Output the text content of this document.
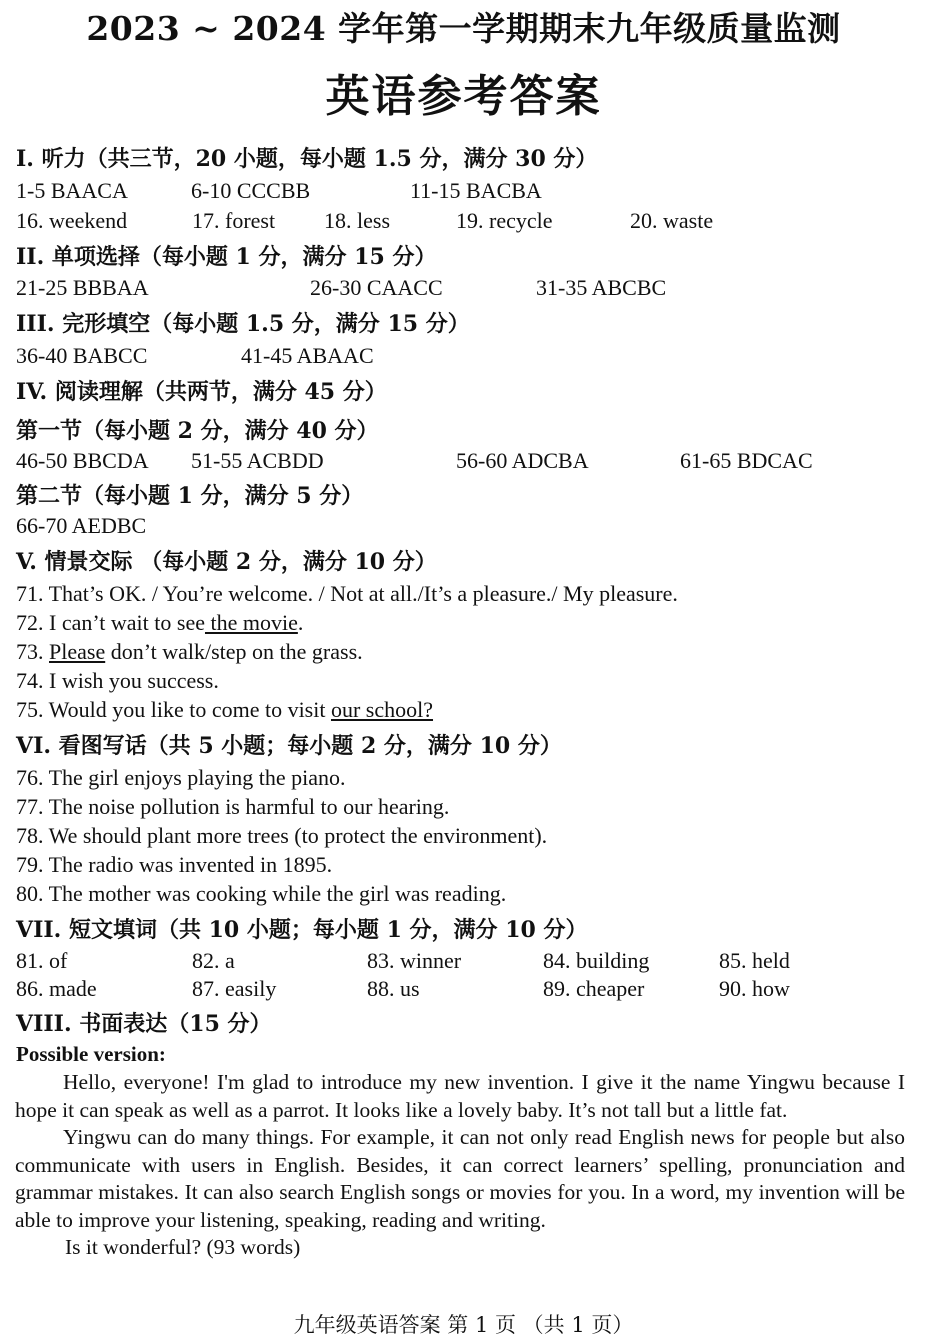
2023 ~ 2024 学年第一学期期末九年级质量监测
英语参考答案
I. 听力（共三节，20 小题，每小题 1.5 分，满分 30 分）
1-5 BAACA	6-10 CCCBB	11-15 BACBA
16. weekend	17. forest 18. less	19. recycle	20. waste
II. 单项选择（每小题 1 分，满分 15 分）
21-25 BBBAA	26-30 CAACC	31-35 ABCBC
III. 完形填空（每小题 1.5 分，满分 15 分）
36-40 BABCC	41-45 ABAAC
IV. 阅读理解（共两节，满分 45 分）
第一节（每小题 2 分，满分 40 分）
46-50 BBCDA 51-55 ACBDD	56-60 ADCBA	61-65 BDCAC
第二节（每小题 1 分，满分 5 分）
66-70 AEDBC
V. 情景交际 （每小题 2 分，满分 10 分）
71. That’s OK. / You’re welcome. / Not at all./It’s a pleasure./ My pleasure.
72. I can’t wait to see the movie.
73. Please don’t walk/step on the grass.
74. I wish you success.
75. Would you like to come to visit our school?
VI. 看图写话（共 5 小题；每小题 2 分，满分 10 分）
76. The girl enjoys playing the piano.
77. The noise pollution is harmful to our hearing.
78. We should plant more trees (to protect the environment).
79. The radio was invented in 1895.
80. The mother was cooking while the girl was reading.
VII. 短文填词（共 10 小题；每小题 1 分，满分 10 分）
81. of	82. a	83. winner	84. building	85. held
86. made	87. easily	88. us	89. cheaper	90. how
VIII. 书面表达（15 分）
Possible version:

Hello, everyone! I'm glad to introduce my new invention. I give it the name Yingwu because I hope it can speak as well as a parrot. It looks like a lovely baby. It’s not tall but a little fat.

Yingwu can do many things. For example, it can not only read English news for people but also communicate with users in English. Besides, it can correct learners’ spelling, pronunciation and grammar mistakes. It can also search English songs or movies for you. In a word, my invention will be able to improve your listening, speaking, reading and writing.

Is it wonderful? (93 words)

九年级英语答案 第 1 页 （共 1 页）
